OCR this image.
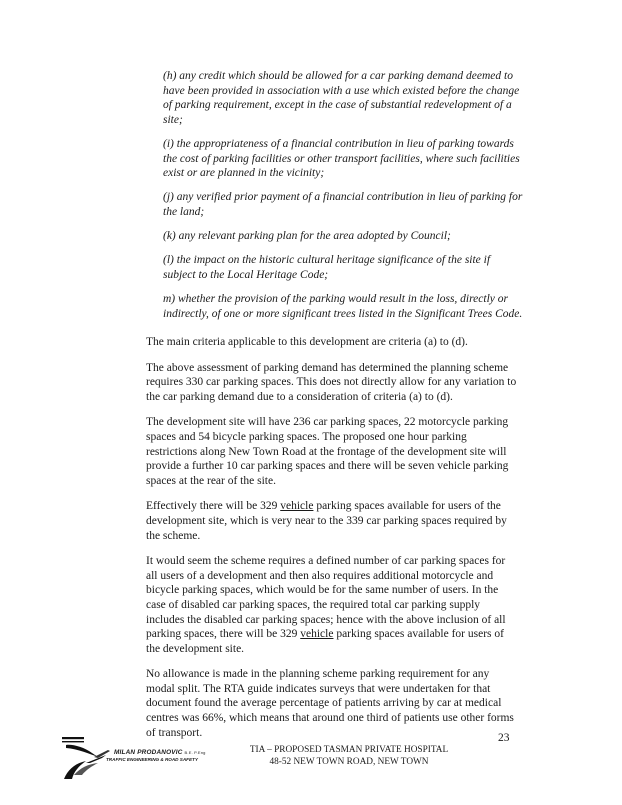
(h) any credit which should be allowed for a car parking demand deemed to have been provided in association with a use which existed before the change of parking requirement, except in the case of substantial redevelopment of a site;

(i) the appropriateness of a financial contribution in lieu of parking towards the cost of parking facilities or other transport facilities, where such facilities exist or are planned in the vicinity;

(j) any verified prior payment of a financial contribution in lieu of parking for the land;

(k) any relevant parking plan for the area adopted by Council;

(l) the impact on the historic cultural heritage significance of the site if subject to the Local Heritage Code;

m) whether the provision of the parking would result in the loss, directly or indirectly, of one or more significant trees listed in the Significant Trees Code.

The main criteria applicable to this development are criteria (a) to (d).

The above assessment of parking demand has determined the planning scheme requires 330 car parking spaces. This does not directly allow for any variation to the car parking demand due to a consideration of criteria (a) to (d).

The development site will have 236 car parking spaces, 22 motorcycle parking spaces and 54 bicycle parking spaces. The proposed one hour parking restrictions along New Town Road at the frontage of the development site will provide a further 10 car parking spaces and there will be seven vehicle parking spaces at the rear of the site.

Effectively there will be 329 vehicle parking spaces available for users of the development site, which is very near to the 339 car parking spaces required by the scheme.

It would seem the scheme requires a defined number of car parking spaces for all users of a development and then also requires additional motorcycle and bicycle parking spaces, which would be for the same number of users. In the case of disabled car parking spaces, the required total car parking supply includes the disabled car parking spaces; hence with the above inclusion of all parking spaces, there will be 329 vehicle parking spaces available for users of the development site.

No allowance is made in the planning scheme parking requirement for any modal split. The RTA guide indicates surveys that were undertaken for that document found the average percentage of patients arriving by car at medical centres was 66%, which means that around one third of patients use other forms of transport.	23
MILAN PRODANOVIC B.E. P.Eng
TRAFFIC ENGINEERING & ROAD SAFETY
TIA – PROPOSED TASMAN PRIVATE HOSPITAL
48-52 NEW TOWN ROAD, NEW TOWN
